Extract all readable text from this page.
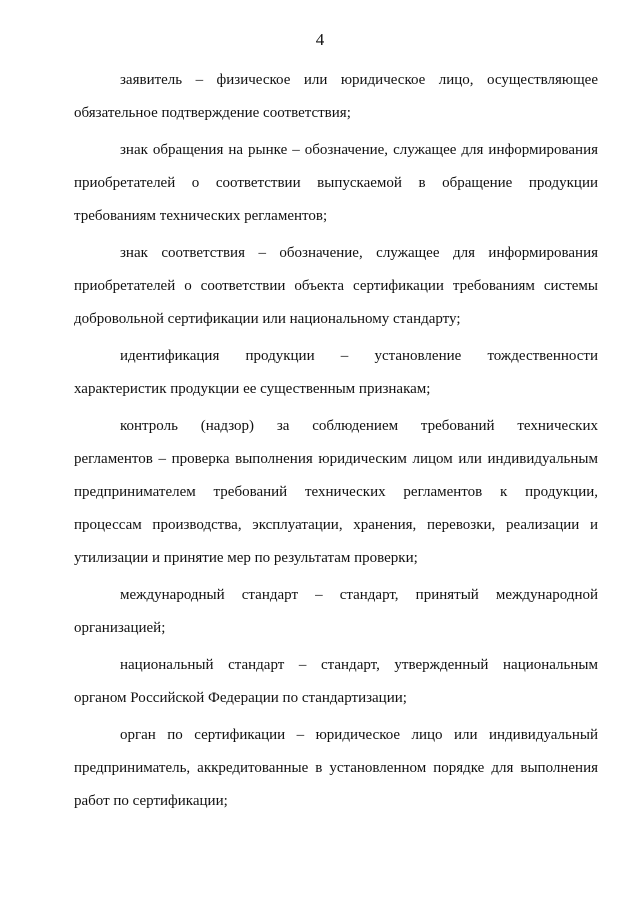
4
заявитель – физическое или юридическое лицо, осуществляющее
обязательное подтверждение соответствия;
знак обращения на рынке – обозначение, служащее для информирования
приобретателей о соответствии выпускаемой в обращение продукции
требованиям технических регламентов;
знак соответствия – обозначение, служащее для информирования
приобретателей о соответствии объекта сертификации требованиям системы
добровольной сертификации или национальному стандарту;
идентификация продукции – установление тождественности
характеристик продукции ее существенным признакам;
контроль (надзор) за соблюдением требований технических
регламентов – проверка выполнения юридическим лицом или индивидуальным
предпринимателем требований технических регламентов к продукции,
процессам производства, эксплуатации, хранения, перевозки, реализации и
утилизации и принятие мер по результатам проверки;
международный стандарт – стандарт, принятый международной
организацией;
национальный стандарт – стандарт, утвержденный национальным
органом Российской Федерации по стандартизации;
орган по сертификации – юридическое лицо или индивидуальный
предприниматель, аккредитованные в установленном порядке для выполнения
работ по сертификации;
